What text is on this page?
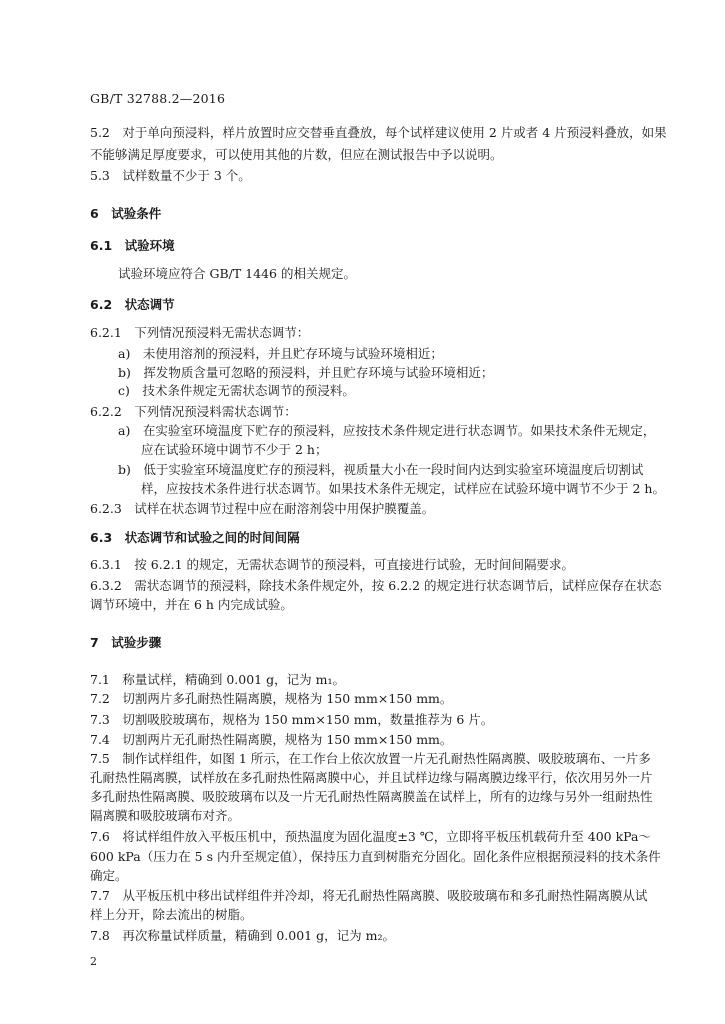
GB/T 32788.2—2016
5.2　对于单向预浸料，样片放置时应交替垂直叠放，每个试样建议使用 2 片或者 4 片预浸料叠放，如果
不能够满足厚度要求，可以使用其他的片数，但应在测试报告中予以说明。
5.3　试样数量不少于 3 个。
6　试验条件
6.1　试验环境
试验环境应符合 GB/T 1446 的相关规定。
6.2　状态调节
6.2.1　下列情况预浸料无需状态调节：
a)　未使用溶剂的预浸料，并且贮存环境与试验环境相近；
b)　挥发物质含量可忽略的预浸料，并且贮存环境与试验环境相近；
c)　技术条件规定无需状态调节的预浸料。
6.2.2　下列情况预浸料需状态调节：
a)　在实验室环境温度下贮存的预浸料，应按技术条件规定进行状态调节。如果技术条件无规定，
应在试验环境中调节不少于 2 h；
b)　低于实验室环境温度贮存的预浸料，视质量大小在一段时间内达到实验室环境温度后切割试
样，应按技术条件进行状态调节。如果技术条件无规定，试样应在试验环境中调节不少于 2 h。
6.2.3　试样在状态调节过程中应在耐溶剂袋中用保护膜覆盖。
6.3　状态调节和试验之间的时间间隔
6.3.1　按 6.2.1 的规定，无需状态调节的预浸料，可直接进行试验，无时间间隔要求。
6.3.2　需状态调节的预浸料，除技术条件规定外，按 6.2.2 的规定进行状态调节后，试样应保存在状态
调节环境中，并在 6 h 内完成试验。
7　试验步骤
7.1　称量试样，精确到 0.001 g，记为 m₁。
7.2　切割两片多孔耐热性隔离膜，规格为 150 mm×150 mm。
7.3　切割吸胶玻璃布，规格为 150 mm×150 mm，数量推荐为 6 片。
7.4　切割两片无孔耐热性隔离膜，规格为 150 mm×150 mm。
7.5　制作试样组件，如图 1 所示，在工作台上依次放置一片无孔耐热性隔离膜、吸胶玻璃布、一片多
孔耐热性隔离膜，试样放在多孔耐热性隔离膜中心，并且试样边缘与隔离膜边缘平行，依次用另外一片
多孔耐热性隔离膜、吸胶玻璃布以及一片无孔耐热性隔离膜盖在试样上，所有的边缘与另外一组耐热性
隔离膜和吸胶玻璃布对齐。
7.6　将试样组件放入平板压机中，预热温度为固化温度±3 ℃，立即将平板压机载荷升至 400 kPa～
600 kPa（压力在 5 s 内升至规定值），保持压力直到树脂充分固化。固化条件应根据预浸料的技术条件
确定。
7.7　从平板压机中移出试样组件并冷却，将无孔耐热性隔离膜、吸胶玻璃布和多孔耐热性隔离膜从试
样上分开，除去流出的树脂。
7.8　再次称量试样质量，精确到 0.001 g，记为 m₂。
2
